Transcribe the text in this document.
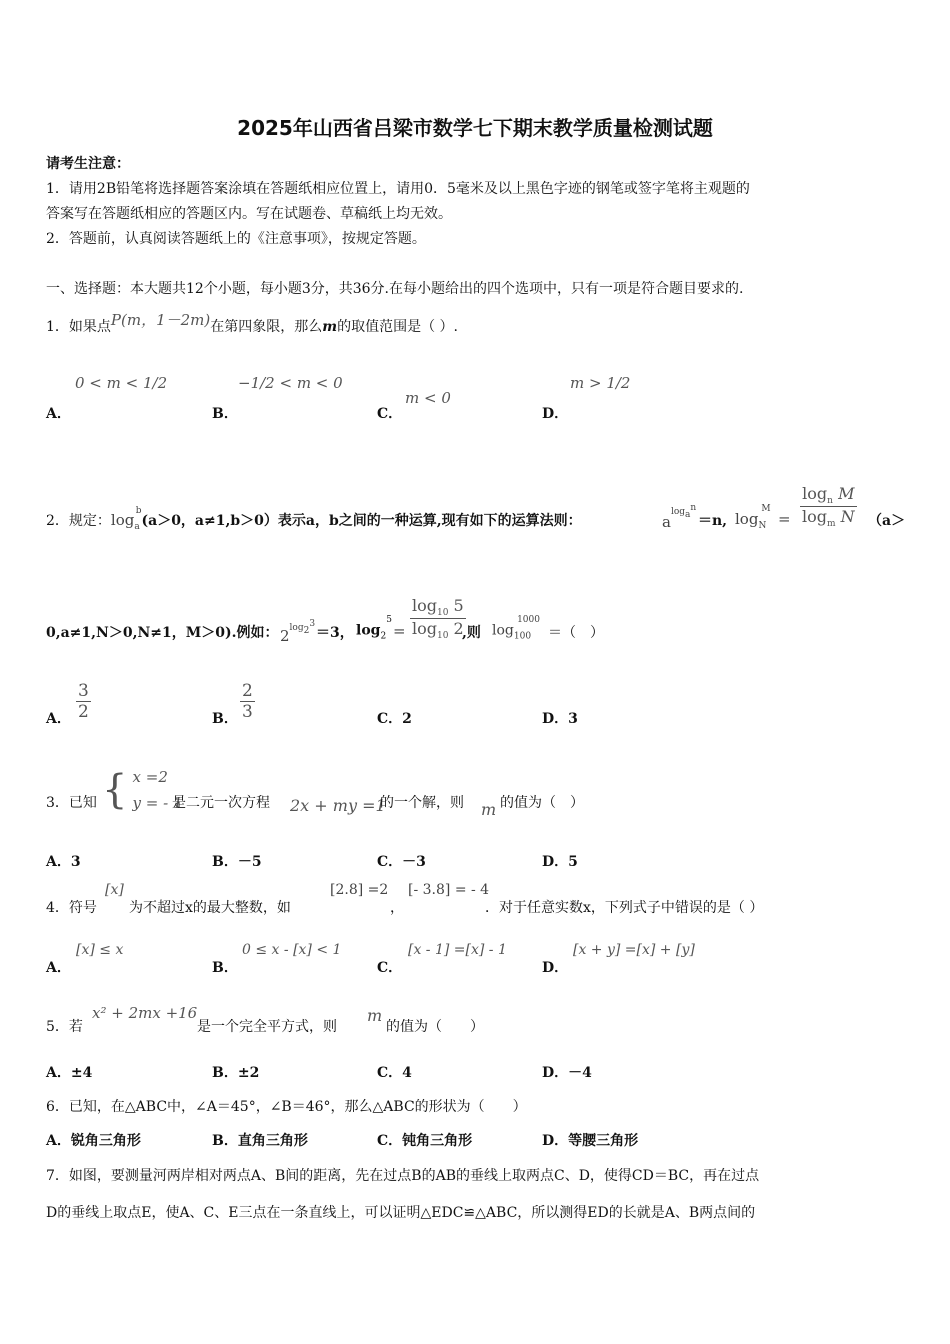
2025年山西省吕梁市数学七下期末教学质量检测试题
请考生注意：
1．请用2B铅笔将选择题答案涂填在答题纸相应位置上，请用0．5毫米及以上黑色字迹的钢笔或签字笔将主观题的
答案写在答题纸相应的答题区内。写在试题卷、草稿纸上均无效。
2．答题前，认真阅读答题纸上的《注意事项》，按规定答题。
一、选择题：本大题共12个小题，每小题3分，共36分.在每小题给出的四个选项中，只有一项是符合题目要求的.
1．如果点P(m，1－2m)在第四象限，那么m的取值范围是（ ）.
A．
0 < m < 1/2
B．
−1/2 < m < 0
C．
m < 0
D．
m > 1/2
2．规定：$\log_a^b(a>0$，a≠1,b＞0）表示a，b之间的一种运算,现有如下的运算法则：	$a^{log_a^n}$
＝n, $\log_N^M$
= $\frac{\log_n M}{\log_m N} (a>$
0,a≠1,N＞0,N≠1，M＞0).例如： $2^{log_2^3}$
＝3， $\log_2^5$
= $\frac{\log_{10} 5}{\log_{10} 2}$
,则 $\log_{100}^{1000}$
＝（　）
A． $\frac{3}{2}$	B． $\frac{2}{3}$	C．2	D．3
3．已知 { x =2
y = - 1
是二元一次方程 2x + my =1
的一个解，则 m 的值为（　）
A．3	B．－5	C．－3	D．5
4．符号
[x]
为不超过x的最大整数，如
[2.8] =2
，
[- 3.8] = - 4
．对于任意实数x，下列式子中错误的是（ ）
A．
[x] ≤ x
B．
0 ≤ x - [x] < 1
C．
[x - 1] =[x] - 1
D．
[x + y] =[x] + [y]
5．若
x² + 2mx +16
是一个完全平方式，则
m
的值为（　　）
A．±4	B．±2	C．4	D．－4
6．已知，在△ABC中，∠A＝45°，∠B＝46°，那么△ABC的形状为（　　）
A．锐角三角形	B．直角三角形	C．钝角三角形	D．等腰三角形
7．如图，要测量河两岸相对两点A、B间的距离，先在过点B的AB的垂线上取两点C、D，使得CD＝BC，再在过点
D的垂线上取点E，使A、C、E三点在一条直线上，可以证明△EDC≌△ABC，所以测得ED的长就是A、B两点间的
